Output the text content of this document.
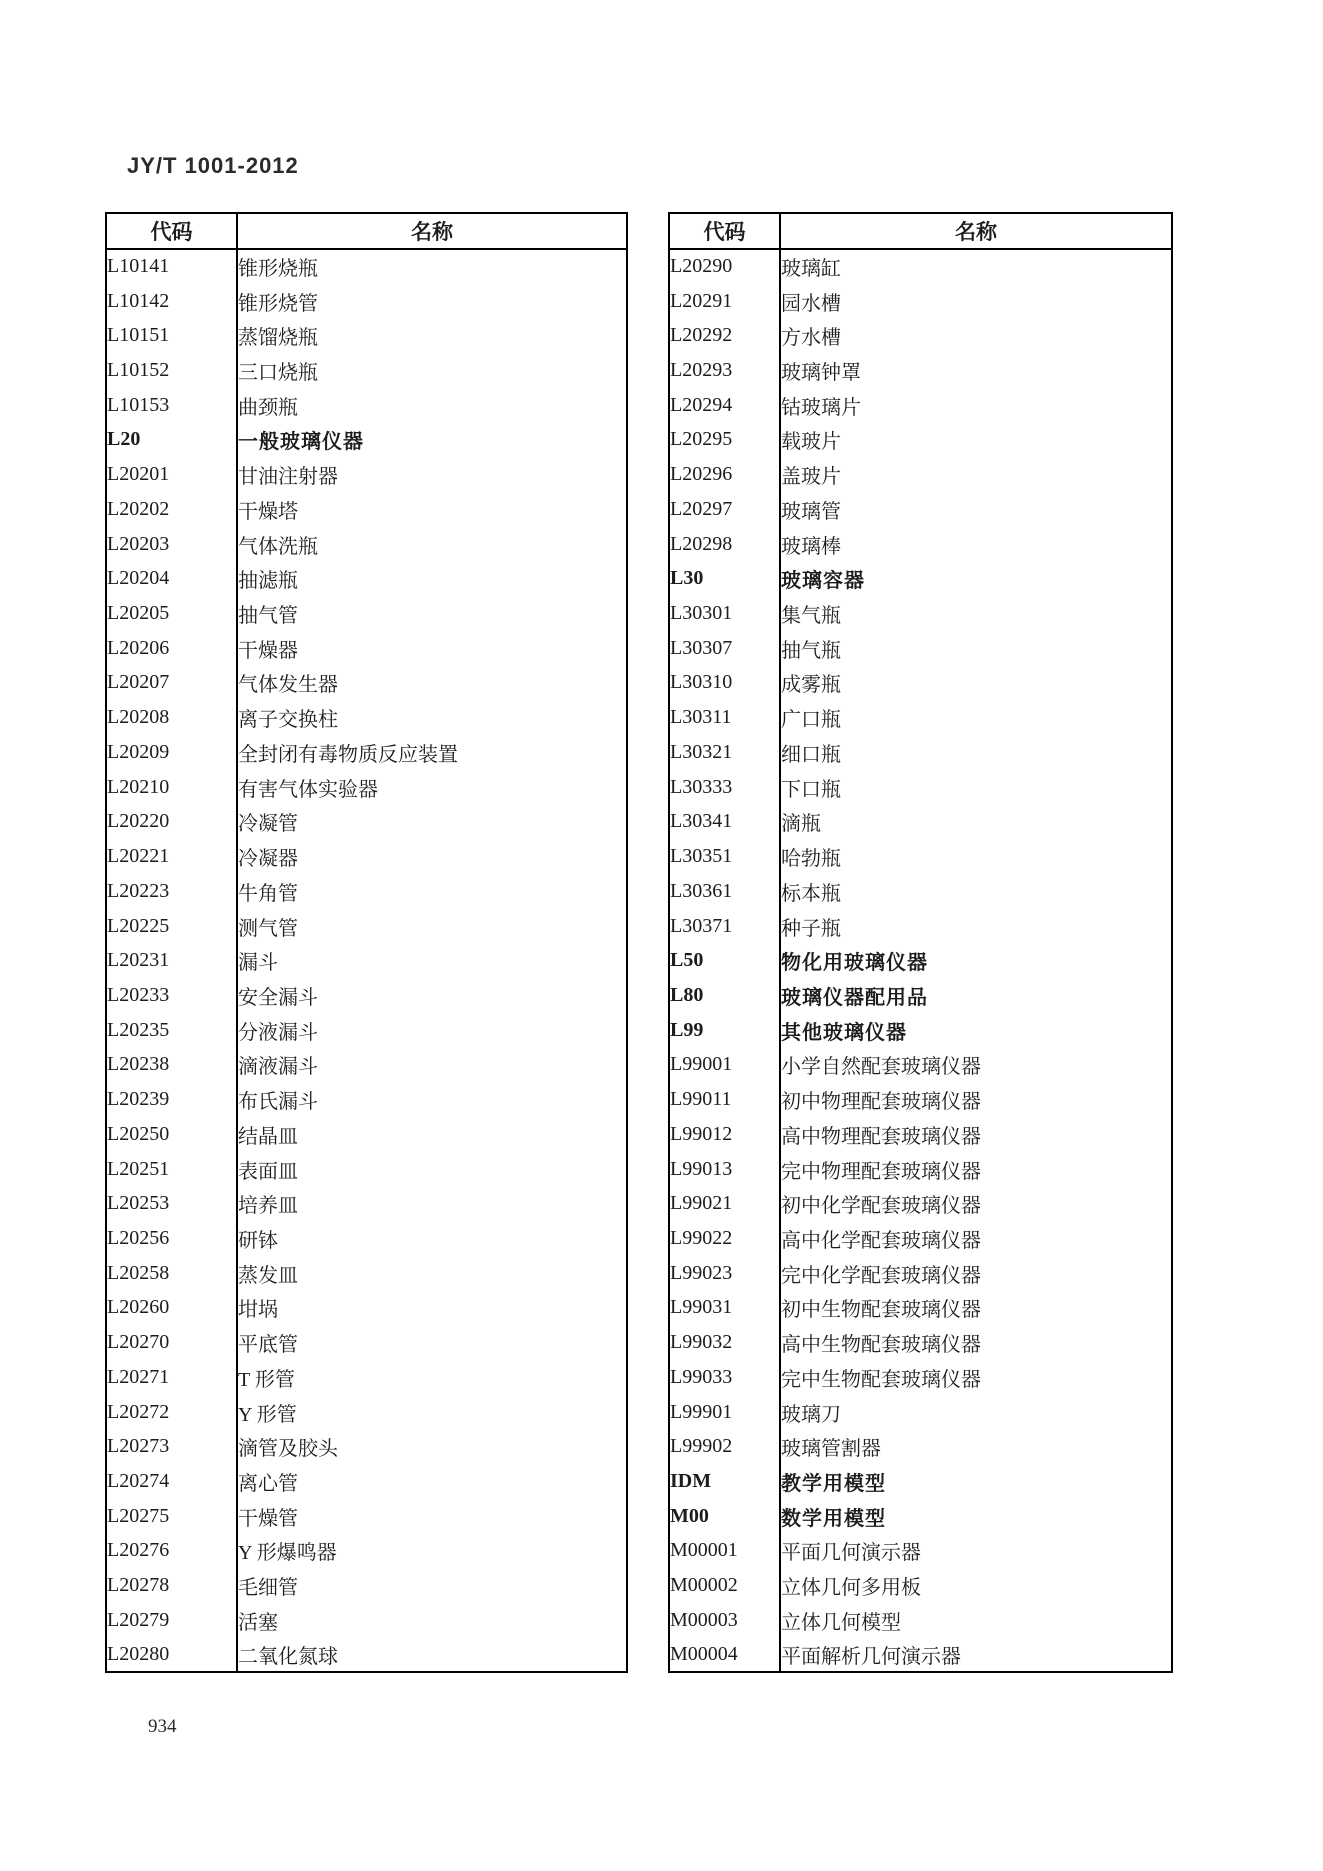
JY/T 1001-2012
代码	名称
L10141	锥形烧瓶
L10142	锥形烧管
L10151	蒸馏烧瓶
L10152	三口烧瓶
L10153	曲颈瓶
L20	一般玻璃仪器
L20201	甘油注射器
L20202	干燥塔
L20203	气体洗瓶
L20204	抽滤瓶
L20205	抽气管
L20206	干燥器
L20207	气体发生器
L20208	离子交换柱
L20209	全封闭有毒物质反应装置
L20210	有害气体实验器
L20220	冷凝管
L20221	冷凝器
L20223	牛角管
L20225	测气管
L20231	漏斗
L20233	安全漏斗
L20235	分液漏斗
L20238	滴液漏斗
L20239	布氏漏斗
L20250	结晶皿
L20251	表面皿
L20253	培养皿
L20256	研钵
L20258	蒸发皿
L20260	坩埚
L20270	平底管
L20271	T 形管
L20272	Y 形管
L20273	滴管及胶头
L20274	离心管
L20275	干燥管
L20276	Y 形爆鸣器
L20278	毛细管
L20279	活塞
L20280	二氧化氮球
代码	名称
L20290	玻璃缸
L20291	园水槽
L20292	方水槽
L20293	玻璃钟罩
L20294	钴玻璃片
L20295	载玻片
L20296	盖玻片
L20297	玻璃管
L20298	玻璃棒
L30	玻璃容器
L30301	集气瓶
L30307	抽气瓶
L30310	成雾瓶
L30311	广口瓶
L30321	细口瓶
L30333	下口瓶
L30341	滴瓶
L30351	哈勃瓶
L30361	标本瓶
L30371	种子瓶
L50	物化用玻璃仪器
L80	玻璃仪器配用品
L99	其他玻璃仪器
L99001	小学自然配套玻璃仪器
L99011	初中物理配套玻璃仪器
L99012	高中物理配套玻璃仪器
L99013	完中物理配套玻璃仪器
L99021	初中化学配套玻璃仪器
L99022	高中化学配套玻璃仪器
L99023	完中化学配套玻璃仪器
L99031	初中生物配套玻璃仪器
L99032	高中生物配套玻璃仪器
L99033	完中生物配套玻璃仪器
L99901	玻璃刀
L99902	玻璃管割器
IDM	教学用模型
M00	数学用模型
M00001	平面几何演示器
M00002	立体几何多用板
M00003	立体几何模型
M00004	平面解析几何演示器
934
